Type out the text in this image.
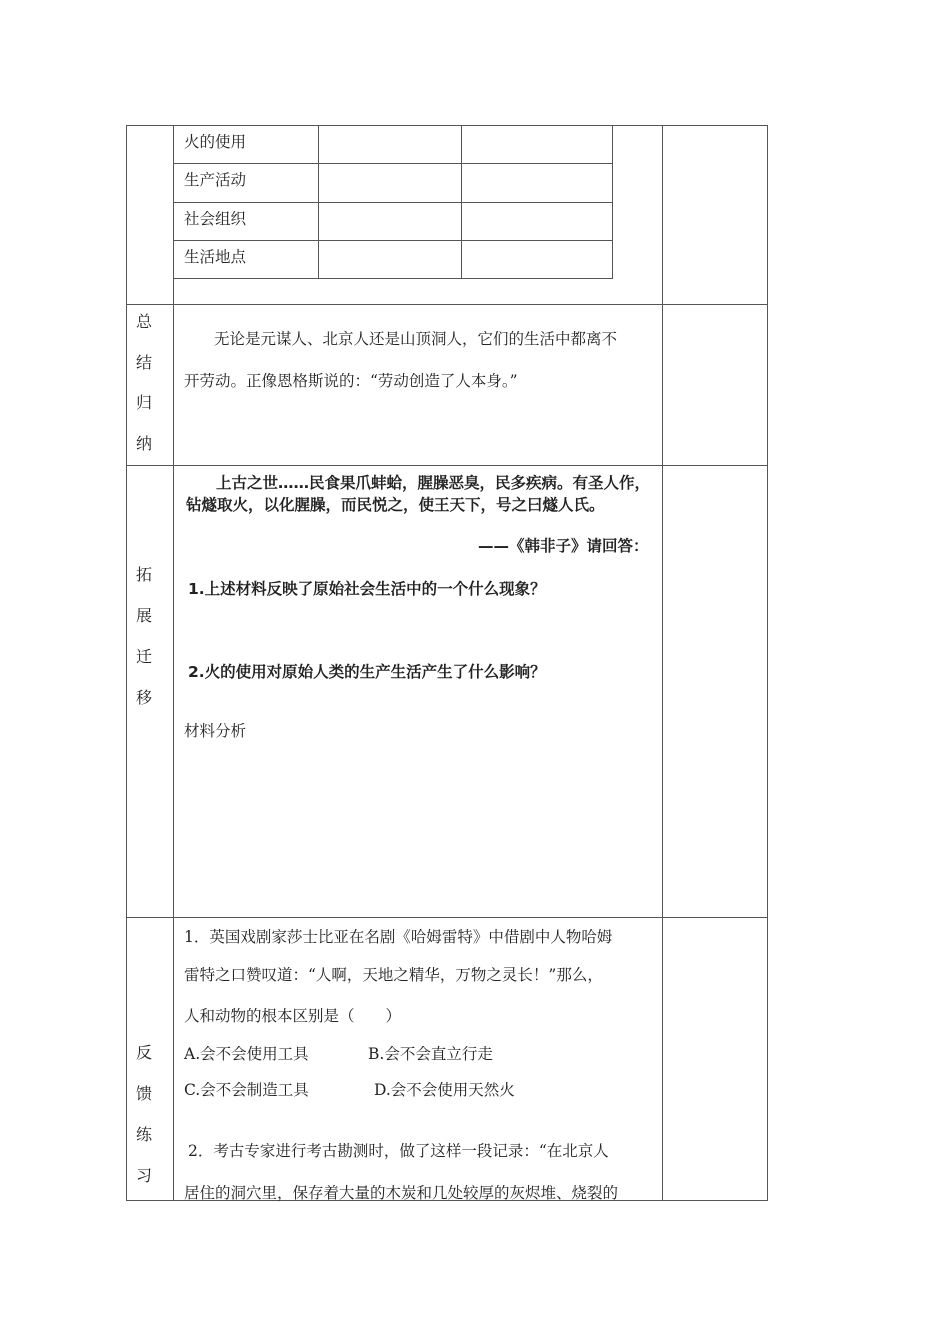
火的使用
生产活动
社会组织
生活地点
总
结
归
纳
无论是元谋人、北京人还是山顶洞人，它们的生活中都离不
开劳动。正像恩格斯说的：“劳动创造了人本身。”
拓
展
迁
移
上古之世……民食果爪蚌蛤，腥臊恶臭，民多疾病。有圣人作，
钻燧取火，以化腥臊，而民悦之，使王天下，号之曰燧人氏。
——《韩非子》请回答：
1.上述材料反映了原始社会生活中的一个什么现象？
2.火的使用对原始人类的生产生活产生了什么影响？
材料分析
反
馈
练
习
1．英国戏剧家莎士比亚在名剧《哈姆雷特》中借剧中人物哈姆
雷特之口赞叹道：“人啊，天地之精华，万物之灵长！”那么，
人和动物的根本区别是（　　）
A.会不会使用工具	B.会不会直立行走
C.会不会制造工具	D.会不会使用天然火
2．考古专家进行考古勘测时，做了这样一段记录：“在北京人
居住的洞穴里，保存着大量的木炭和几处较厚的灰烬堆、烧裂的
